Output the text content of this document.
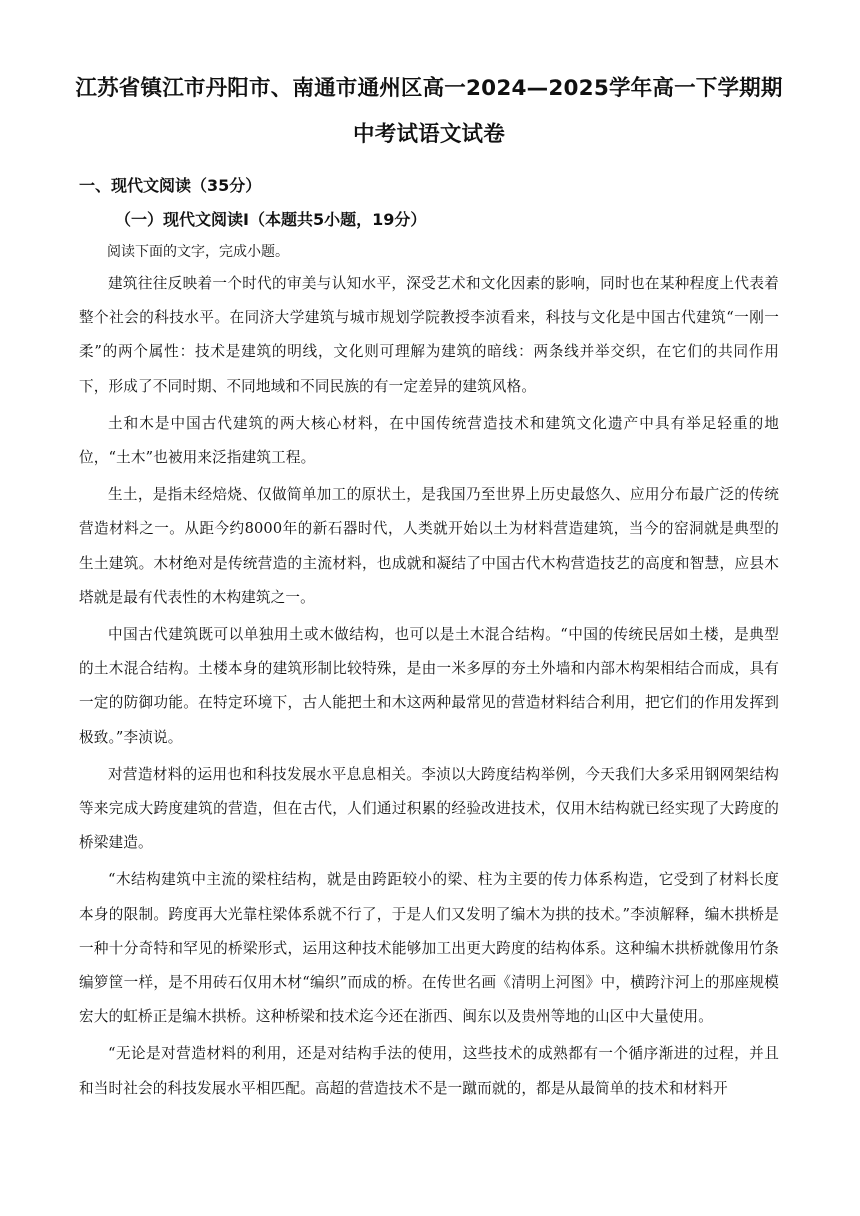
江苏省镇江市丹阳市、南通市通州区高一2024—2025学年高一下学期期中考试语文试卷
一、现代文阅读（35分）
（一）现代文阅读Ⅰ（本题共5小题，19分）
阅读下面的文字，完成小题。

建筑往往反映着一个时代的审美与认知水平，深受艺术和文化因素的影响，同时也在某种程度上代表着整个社会的科技水平。在同济大学建筑与城市规划学院教授李浈看来，科技与文化是中国古代建筑“一刚一柔”的两个属性：技术是建筑的明线，文化则可理解为建筑的暗线：两条线并举交织，在它们的共同作用下，形成了不同时期、不同地域和不同民族的有一定差异的建筑风格。

土和木是中国古代建筑的两大核心材料，在中国传统营造技术和建筑文化遗产中具有举足轻重的地位，“土木”也被用来泛指建筑工程。

生土，是指未经焙烧、仅做简单加工的原状土，是我国乃至世界上历史最悠久、应用分布最广泛的传统营造材料之一。从距今约8000年的新石器时代，人类就开始以土为材料营造建筑，当今的窑洞就是典型的生土建筑。木材绝对是传统营造的主流材料，也成就和凝结了中国古代木构营造技艺的高度和智慧，应县木塔就是最有代表性的木构建筑之一。

中国古代建筑既可以单独用土或木做结构，也可以是土木混合结构。“中国的传统民居如土楼，是典型的土木混合结构。土楼本身的建筑形制比较特殊，是由一米多厚的夯土外墙和内部木构架相结合而成，具有一定的防御功能。在特定环境下，古人能把土和木这两种最常见的营造材料结合利用，把它们的作用发挥到极致。”李浈说。

对营造材料的运用也和科技发展水平息息相关。李浈以大跨度结构举例，今天我们大多采用钢网架结构等来完成大跨度建筑的营造，但在古代，人们通过积累的经验改进技术，仅用木结构就已经实现了大跨度的桥梁建造。

“木结构建筑中主流的梁柱结构，就是由跨距较小的梁、柱为主要的传力体系构造，它受到了材料长度本身的限制。跨度再大光靠柱梁体系就不行了，于是人们又发明了编木为拱的技术。”李浈解释，编木拱桥是一种十分奇特和罕见的桥梁形式，运用这种技术能够加工出更大跨度的结构体系。这种编木拱桥就像用竹条编箩筐一样，是不用砖石仅用木材“编织”而成的桥。在传世名画《清明上河图》中，横跨汴河上的那座规模宏大的虹桥正是编木拱桥。这种桥梁和技术迄今还在浙西、闽东以及贵州等地的山区中大量使用。

“无论是对营造材料的利用，还是对结构手法的使用，这些技术的成熟都有一个循序渐进的过程，并且和当时社会的科技发展水平相匹配。高超的营造技术不是一蹴而就的，都是从最简单的技术和材料开
